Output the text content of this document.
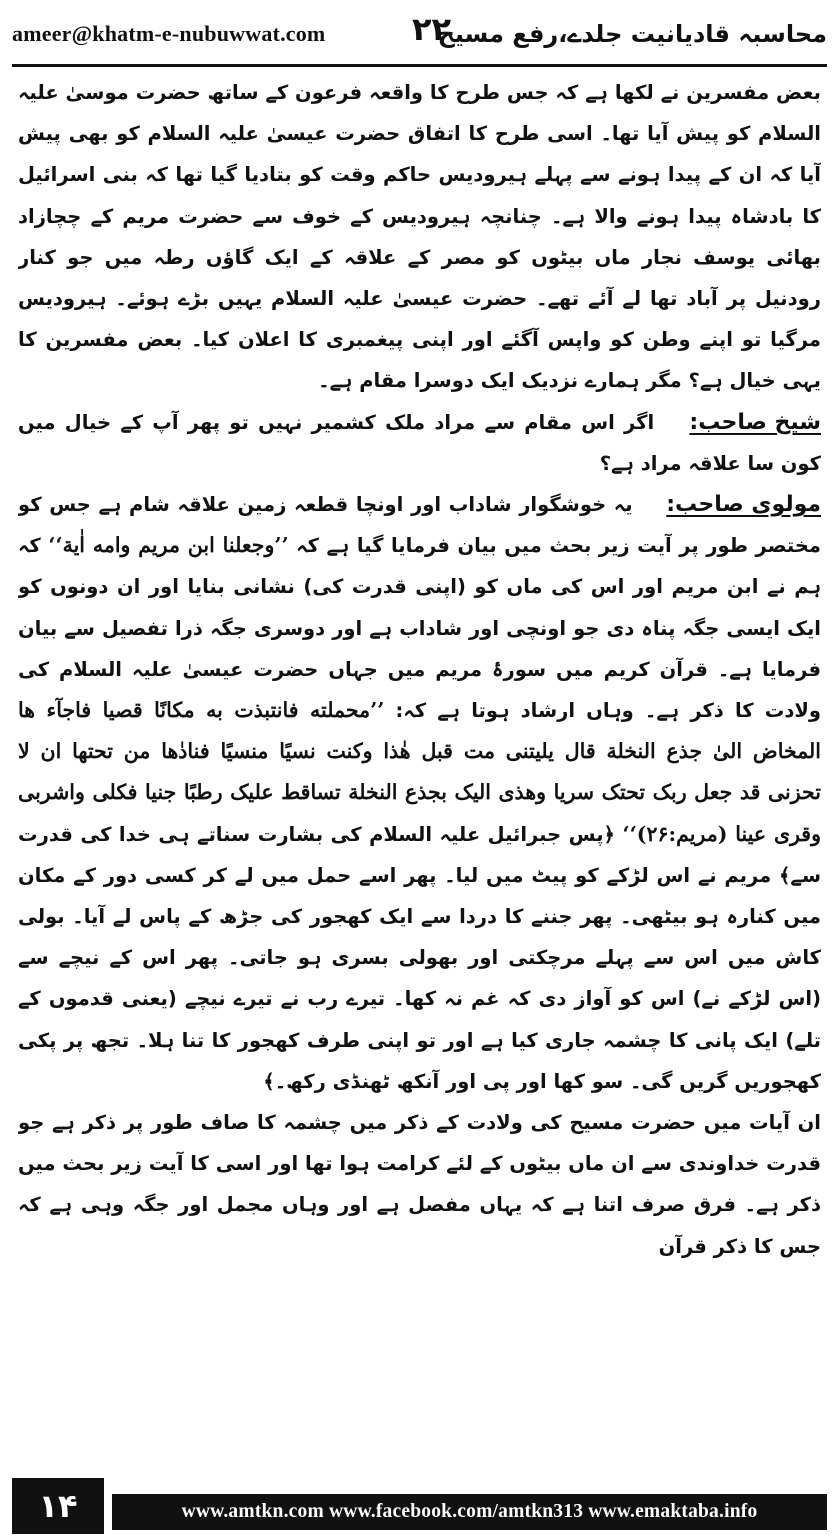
ameer@khatm-e-nubuwwat.com	۲۲
محاسبہ قادیانیت جلدے،رفع مسیح

بعض مفسرین نے لکھا ہے کہ جس طرح کا واقعہ فرعون کے ساتھ حضرت موسیٰ علیہ السلام کو پیش آیا تھا۔ اسی طرح کا اتفاق حضرت عیسیٰ علیہ السلام کو بھی پیش آیا کہ ان کے پیدا ہونے سے پہلے ہیرودیس حاکم وقت کو بتادیا گیا تھا کہ بنی اسرائیل کا بادشاہ پیدا ہونے والا ہے۔ چنانچہ ہیرودیس کے خوف سے حضرت مریم کے چچازاد بھائی یوسف نجار ماں بیٹوں کو مصر کے علاقہ کے ایک گاؤں رطہ میں جو کنار رودنیل پر آباد تھا لے آئے تھے۔ حضرت عیسیٰ علیہ السلام یہیں بڑے ہوئے۔ ہیرودیس مرگیا تو اپنے وطن کو واپس آگئے اور اپنی پیغمبری کا اعلان کیا۔ بعض مفسرین کا یہی خیال ہے؟ مگر ہمارے نزدیک ایک دوسرا مقام ہے۔

شیخ صاحب: اگر اس مقام سے مراد ملک کشمیر نہیں تو پھر آپ کے خیال میں کون سا علاقہ مراد ہے؟

مولوی صاحب: یہ خوشگوار شاداب اور اونچا قطعہ زمین علاقہ شام ہے جس کو مختصر طور پر آیت زیر بحث میں بیان فرمایا گیا ہے کہ ’’وجعلنا ابن مریم وامه اٰیة‘‘ کہ ہم نے ابن مریم اور اس کی ماں کو (اپنی قدرت کی) نشانی بنایا اور ان دونوں کو ایک ایسی جگہ پناہ دی جو اونچی اور شاداب ہے اور دوسری جگہ ذرا تفصیل سے بیان فرمایا ہے۔ قرآن کریم میں سورۂ مریم میں جہاں حضرت عیسیٰ علیہ السلام کی ولادت کا ذکر ہے۔ وہاں ارشاد ہوتا ہے کہ: ’’محملته فانتبذت به مکانًا قصیا فاجآء ھا المخاض الیٰ جذع النخلة قال یلیتنی مت قبل ھٰذا وکنت نسیًا منسیًا فنادٰھا من تحتھا ان لا تحزنی قد جعل ربک تحتک سریا وھذی الیک بجذع النخلة تساقط علیک رطبًا جنیا فکلی واشربی وقری عینا (مریم:۲۶)‘‘ ﴿پس جبرائیل علیہ السلام کی بشارت سناتے ہی خدا کی قدرت سے﴾ مریم نے اس لڑکے کو پیٹ میں لیا۔ پھر اسے حمل میں لے کر کسی دور کے مکان میں کنارہ ہو بیٹھی۔ پھر جننے کا دردا سے ایک کھجور کی جڑھ کے پاس لے آیا۔ بولی کاش میں اس سے پہلے مرچکتی اور بھولی بسری ہو جاتی۔ پھر اس کے نیچے سے (اس لڑکے نے) اس کو آواز دی کہ غم نہ کھا۔ تیرے رب نے تیرے نیچے (یعنی قدموں کے تلے) ایک پانی کا چشمہ جاری کیا ہے اور تو اپنی طرف کھجور کا تنا ہلا۔ تجھ پر پکی کھجوریں گریں گی۔ سو کھا اور پی اور آنکھ ٹھنڈی رکھ۔﴾

ان آیات میں حضرت مسیح کی ولادت کے ذکر میں چشمہ کا صاف طور پر ذکر ہے جو قدرت خداوندی سے ان ماں بیٹوں کے لئے کرامت ہوا تھا اور اسی کا آیت زیر بحث میں ذکر ہے۔ فرق صرف اتنا ہے کہ یہاں مفصل ہے اور وہاں مجمل اور جگہ وہی ہے کہ جس کا ذکر قرآن

۱۴	www.amtkn.com www.facebook.com/amtkn313 www.emaktaba.info
